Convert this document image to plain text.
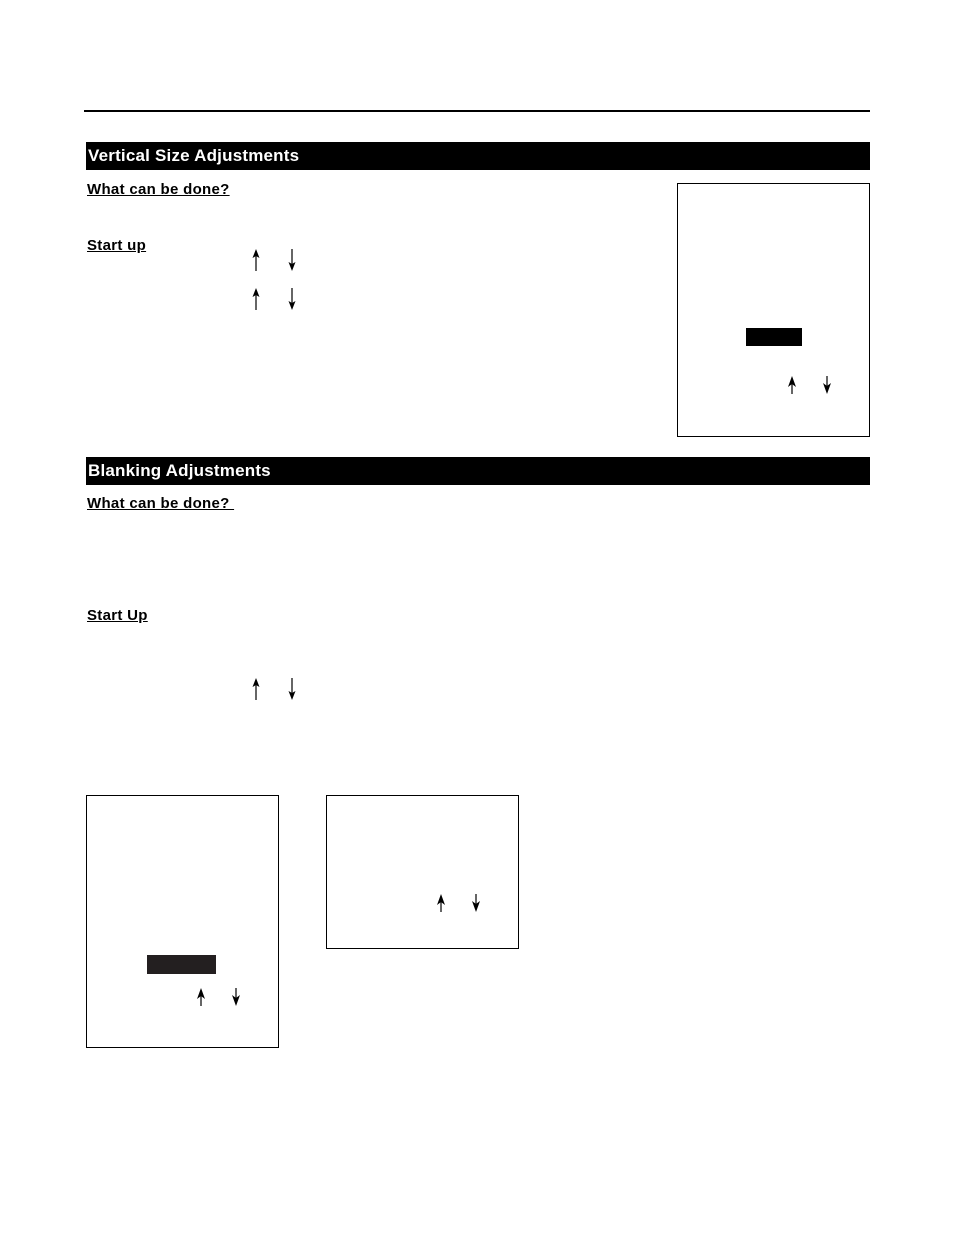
Vertical Size Adjustments
What can be done?
Start up
Blanking Adjustments
What can be done?
Start Up
